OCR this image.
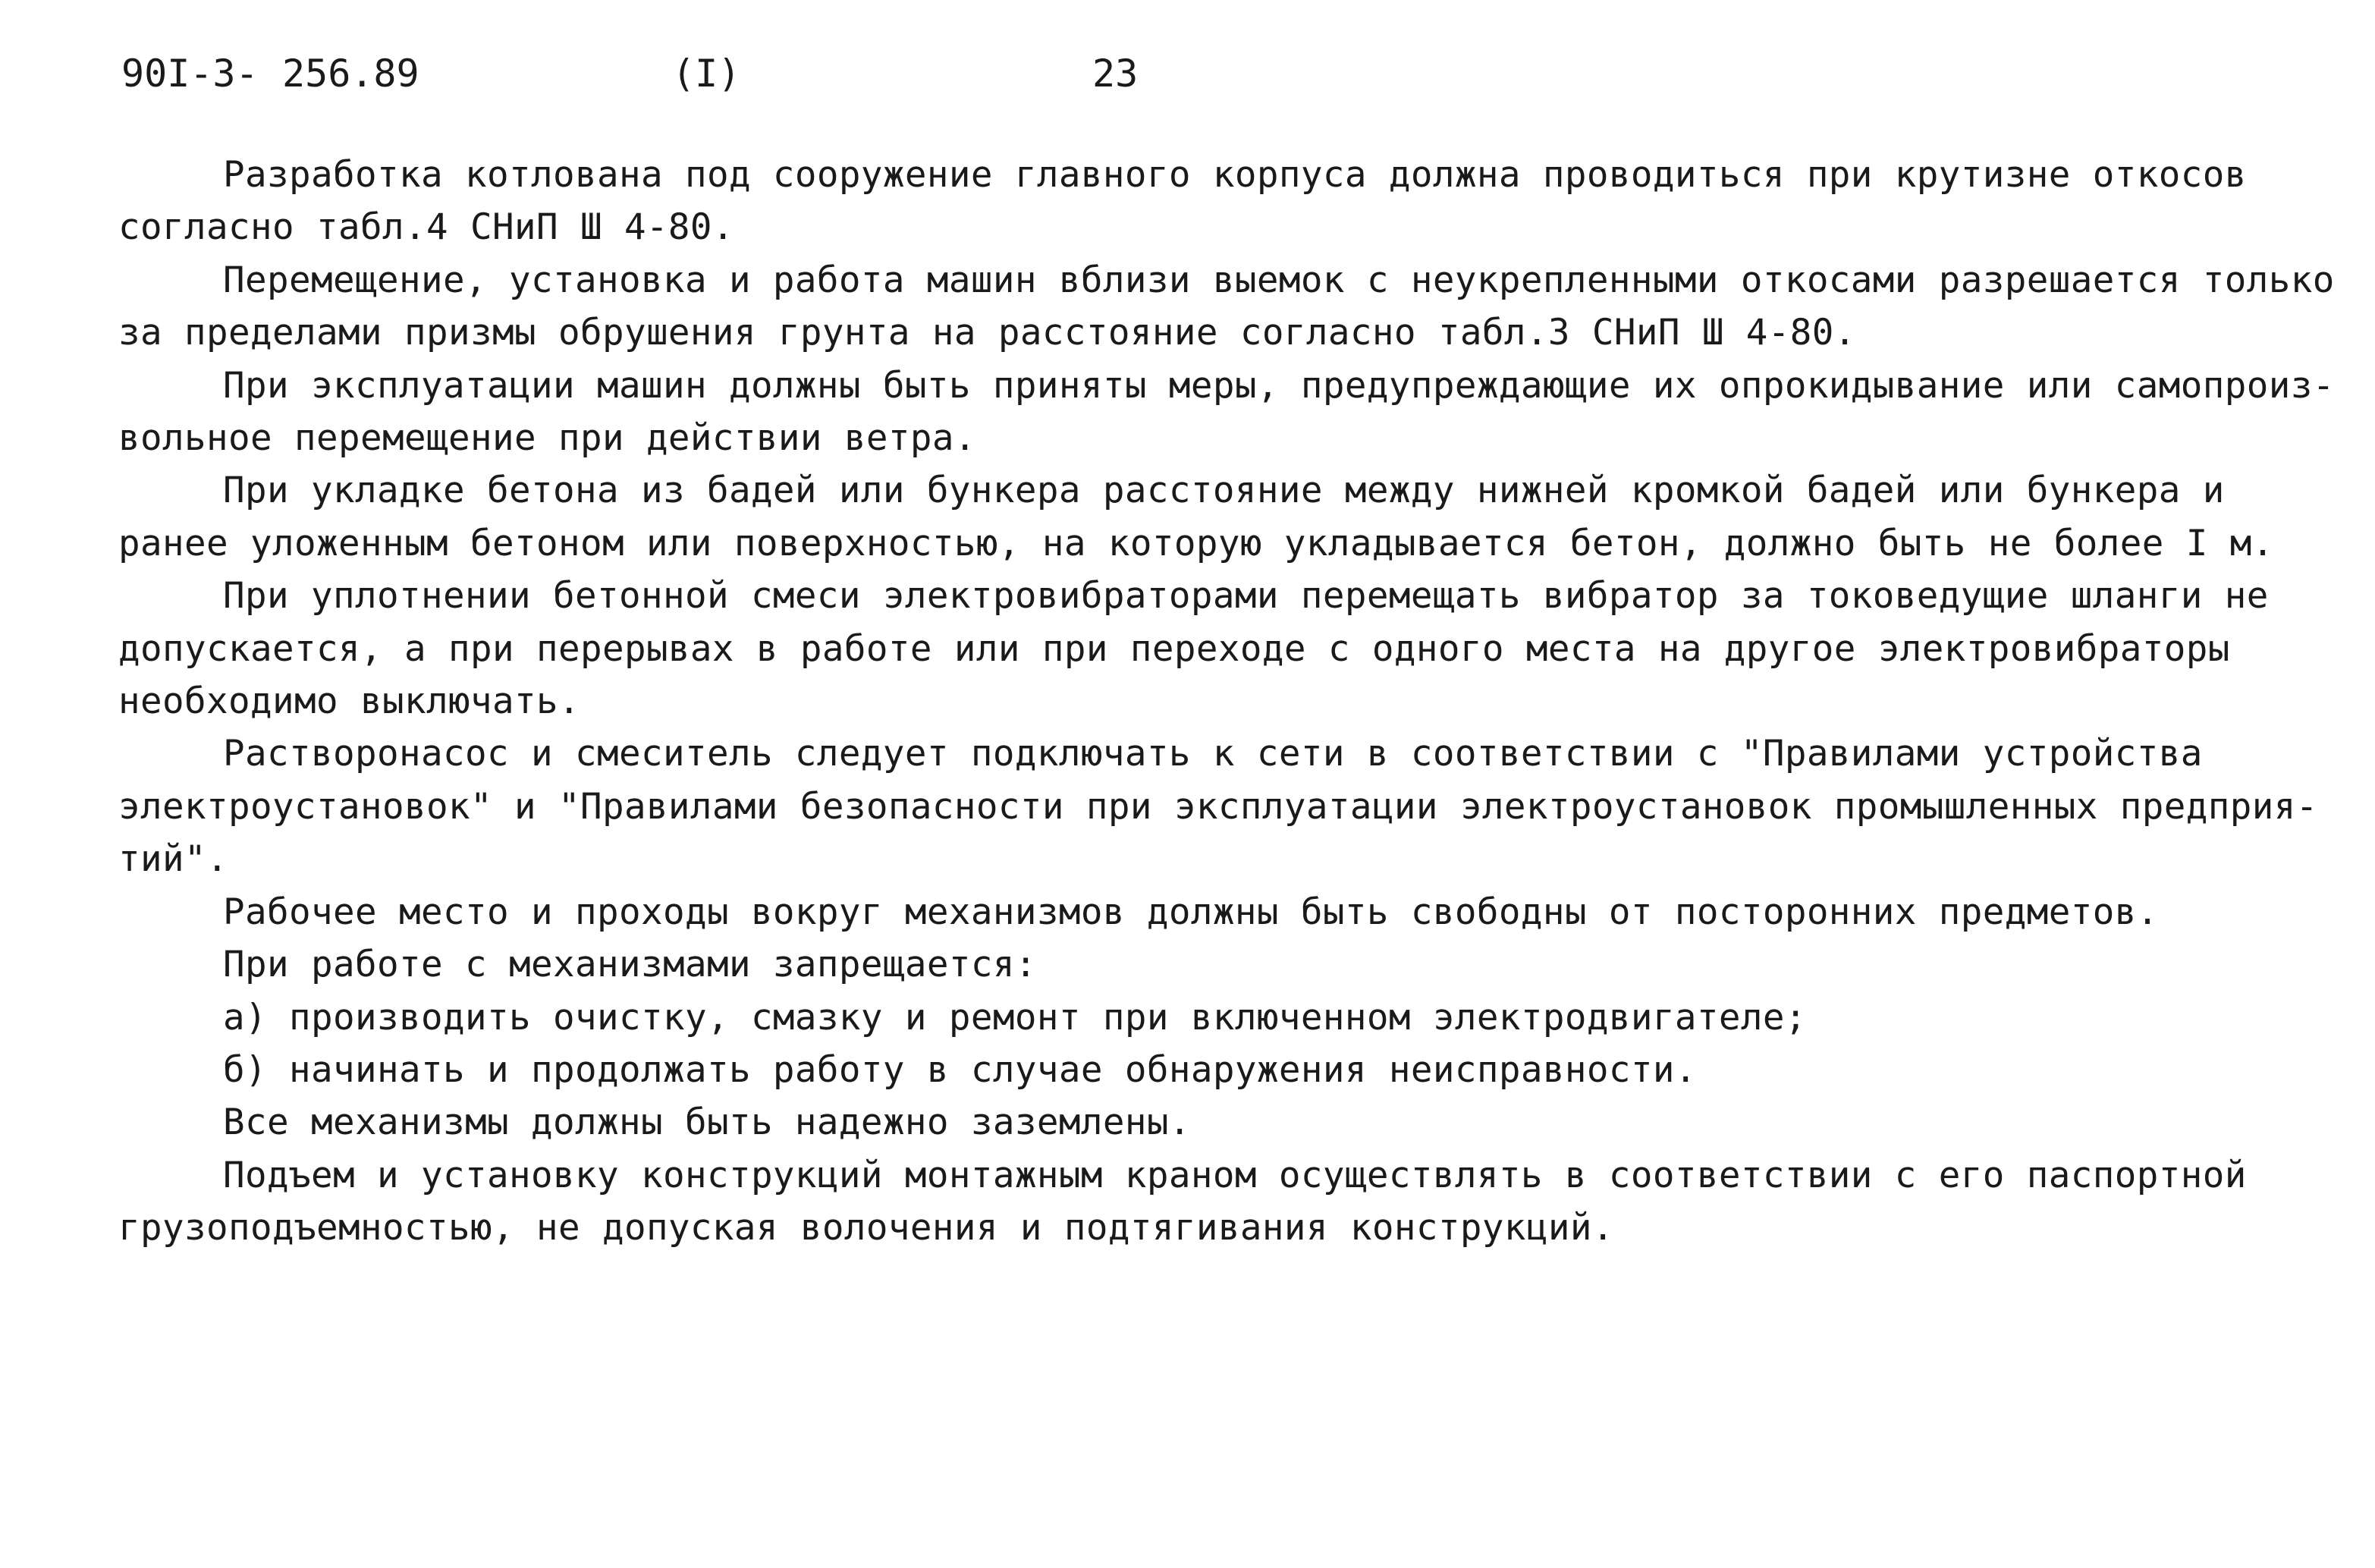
90I-3- 256.89	(I)	23

Разработка котлована под сооружение главного корпуса должна проводиться при крутизне откосов

согласно табл.4 СНиП Ш 4-80.

Перемещение, установка и работа машин вблизи выемок с неукрепленными откосами разрешается только

за пределами призмы обрушения грунта на расстояние согласно табл.3 СНиП Ш 4-80.

При эксплуатации машин должны быть приняты меры, предупреждающие их опрокидывание или самопроиз-

вольное перемещение при действии ветра.

При укладке бетона из бадей или бункера расстояние между нижней кромкой бадей или бункера и

ранее уложенным бетоном или поверхностью, на которую укладывается бетон, должно быть не более I м.

При уплотнении бетонной смеси электровибраторами перемещать вибратор за токоведущие шланги не

допускается, а при перерывах в работе или при переходе с одного места на другое электровибраторы

необходимо выключать.

Растворонасос и смеситель следует подключать к сети в соответствии с "Правилами устройства

электроустановок" и "Правилами безопасности при эксплуатации электроустановок промышленных предприя-

тий".

Рабочее место и проходы вокруг механизмов должны быть свободны от посторонних предметов.

При работе с механизмами запрещается:

а) производить очистку, смазку и ремонт при включенном электродвигателе;

б) начинать и продолжать работу в случае обнаружения неисправности.

Все механизмы должны быть надежно заземлены.

Подъем и установку конструкций монтажным краном осуществлять в соответствии с его паспортной

грузоподъемностью, не допуская волочения и подтягивания конструкций.
